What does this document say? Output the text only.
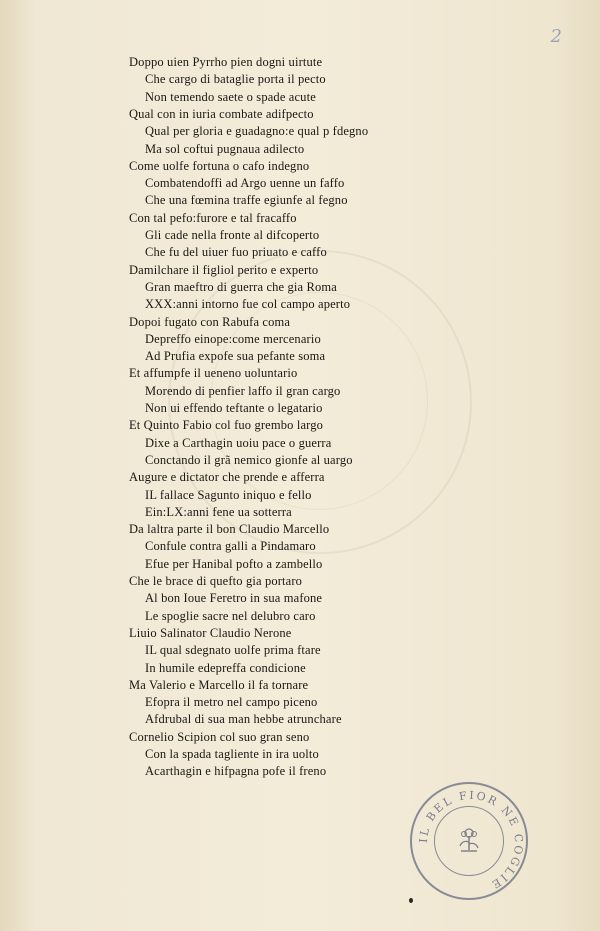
2
Doppo uien Pyrrho pien dogni uirtute
Che cargo di bataglie porta il pecto
Non temendo saete o spade acute
Qual con in iuria combate adifpecto
Qual per gloria e guadagno:e qual p fdegno
Ma sol coftui pugnaua adilecto
Come uolfe fortuna o cafo indegno
Combatendoffi ad Argo uenne un faffo
Che una fœmina traffe egiunfe al fegno
Con tal pefo:furore e tal fracaffo
Gli cade nella fronte al difcoperto
Che fu del uiuer fuo priuato e caffo
Damilchare il figliol perito e experto
Gran maeftro di guerra che gia Roma
XXX:anni intorno fue col campo aperto
Dopoi fugato con Rabufa coma
Depreffo einope:come mercenario
Ad Prufia expofe sua pefante soma
Et affumpfe il ueneno uoluntario
Morendo di penfier laffo il gran cargo
Non ui effendo teftante o legatario
Et Quinto Fabio col fuo grembo largo
Dixe a Carthagin uoiu pace o guerra
Conctando il grã nemico gionfe al uargo
Augure e dictator che prende e afferra
IL fallace Sagunto iniquo e fello
Ein:LX:anni fene ua sotterra
Da laltra parte il bon Claudio Marcello
Confule contra galli a Pindamaro
Efue per Hanibal pofto a zambello
Che le brace di quefto gia portaro
Al bon Ioue Feretro in sua mafone
Le spoglie sacre nel delubro caro
Liuio Salinator Claudio Nerone
IL qual sdegnato uolfe prima ftare
In humile edepreffa condicione
Ma Valerio e Marcello il fa tornare
Efopra il metro nel campo piceno
Afdrubal di sua man hebbe atrunchare
Cornelio Scipion col suo gran seno
Con la spada tagliente in ira uolto
Acarthagin e hifpagna pofe il freno
IL BEL FIOR NE COGLIE
